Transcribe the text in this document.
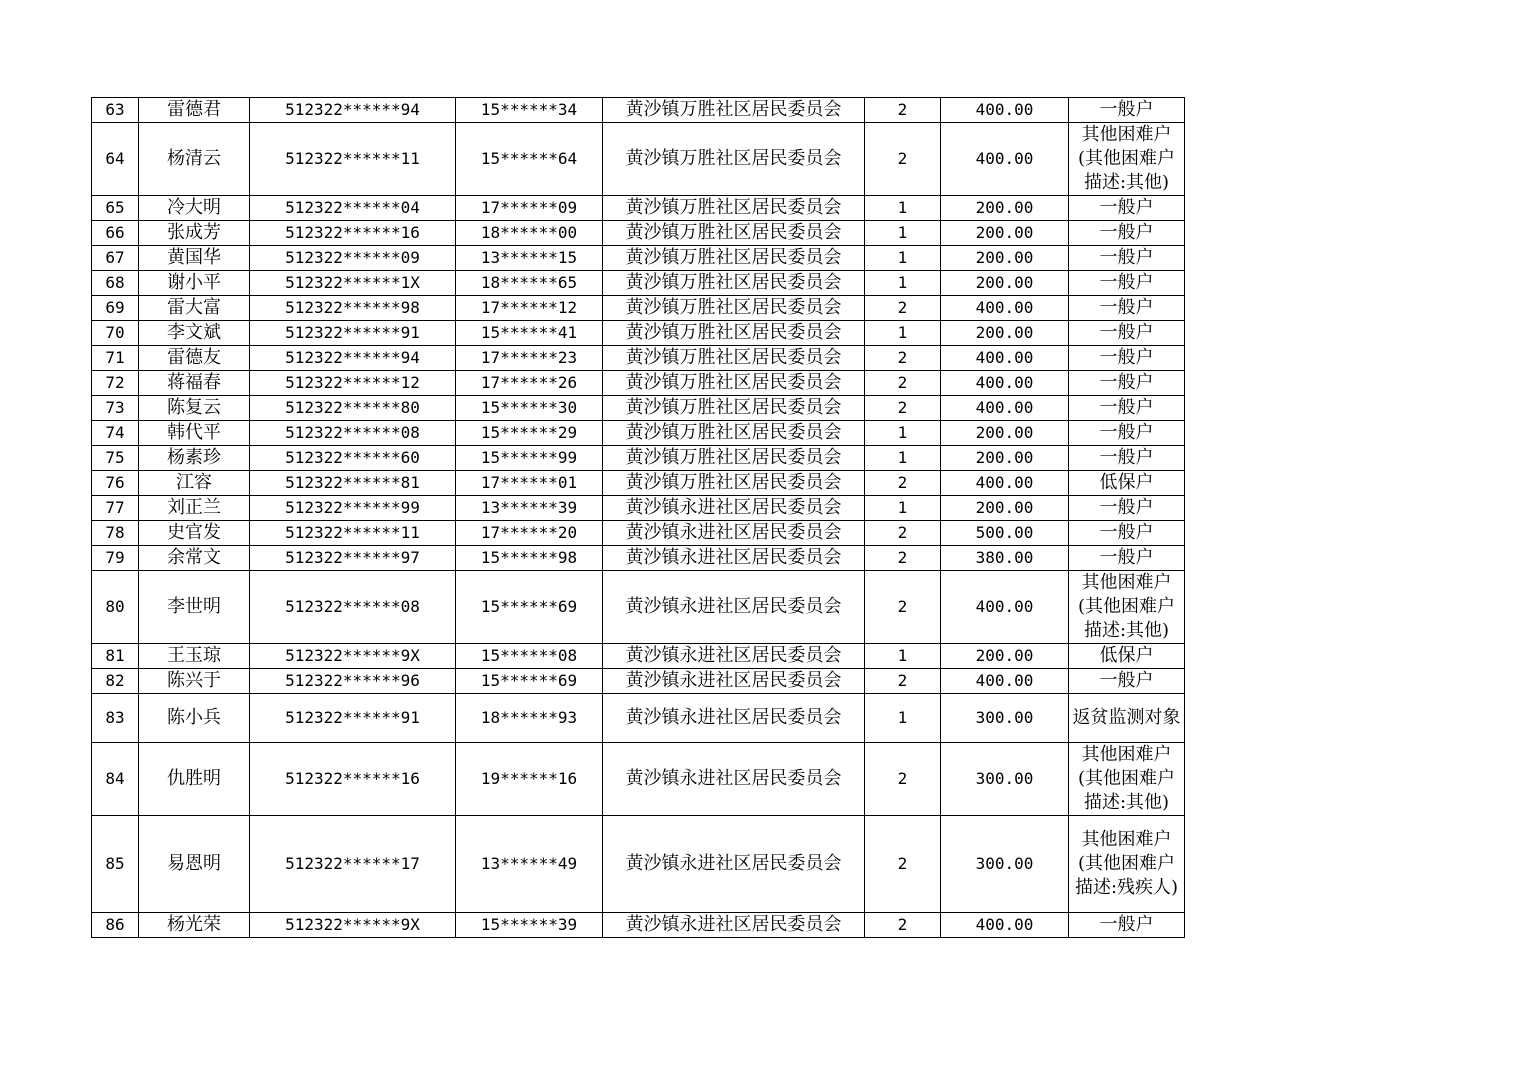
63	雷德君	512322******94	15******34	黄沙镇万胜社区居民委员会	2	400.00	一般户
64	杨清云	512322******11	15******64	黄沙镇万胜社区居民委员会	2	400.00	其他困难户(其他困难户描述:其他)
65	冷大明	512322******04	17******09	黄沙镇万胜社区居民委员会	1	200.00	一般户
66	张成芳	512322******16	18******00	黄沙镇万胜社区居民委员会	1	200.00	一般户
67	黄国华	512322******09	13******15	黄沙镇万胜社区居民委员会	1	200.00	一般户
68	谢小平	512322******1X	18******65	黄沙镇万胜社区居民委员会	1	200.00	一般户
69	雷大富	512322******98	17******12	黄沙镇万胜社区居民委员会	2	400.00	一般户
70	李文斌	512322******91	15******41	黄沙镇万胜社区居民委员会	1	200.00	一般户
71	雷德友	512322******94	17******23	黄沙镇万胜社区居民委员会	2	400.00	一般户
72	蒋福春	512322******12	17******26	黄沙镇万胜社区居民委员会	2	400.00	一般户
73	陈复云	512322******80	15******30	黄沙镇万胜社区居民委员会	2	400.00	一般户
74	韩代平	512322******08	15******29	黄沙镇万胜社区居民委员会	1	200.00	一般户
75	杨素珍	512322******60	15******99	黄沙镇万胜社区居民委员会	1	200.00	一般户
76	江容	512322******81	17******01	黄沙镇万胜社区居民委员会	2	400.00	低保户
77	刘正兰	512322******99	13******39	黄沙镇永进社区居民委员会	1	200.00	一般户
78	史官发	512322******11	17******20	黄沙镇永进社区居民委员会	2	500.00	一般户
79	余常文	512322******97	15******98	黄沙镇永进社区居民委员会	2	380.00	一般户
80	李世明	512322******08	15******69	黄沙镇永进社区居民委员会	2	400.00	其他困难户(其他困难户描述:其他)
81	王玉琼	512322******9X	15******08	黄沙镇永进社区居民委员会	1	200.00	低保户
82	陈兴于	512322******96	15******69	黄沙镇永进社区居民委员会	2	400.00	一般户
83	陈小兵	512322******91	18******93	黄沙镇永进社区居民委员会	1	300.00	返贫监测对象
84	仇胜明	512322******16	19******16	黄沙镇永进社区居民委员会	2	300.00	其他困难户(其他困难户描述:其他)
85	易恩明	512322******17	13******49	黄沙镇永进社区居民委员会	2	300.00	其他困难户(其他困难户描述:残疾人)
86	杨光荣	512322******9X	15******39	黄沙镇永进社区居民委员会	2	400.00	一般户
